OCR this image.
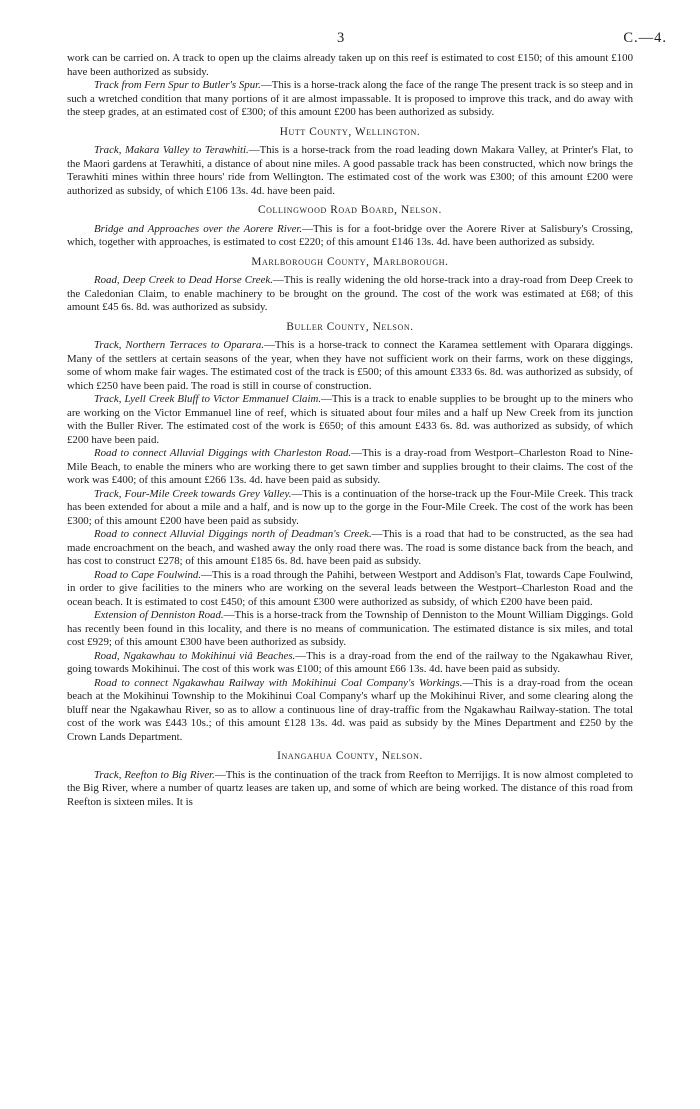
3	C.—4.

work can be carried on. A track to open up the claims already taken up on this reef is estimated to cost £150; of this amount £100 have been authorized as subsidy.

Track from Fern Spur to Butler's Spur.—This is a horse-track along the face of the range The present track is so steep and in such a wretched condition that many portions of it are almost impassable. It is proposed to improve this track, and do away with the steep grades, at an estimated cost of £300; of this amount £200 has been authorized as subsidy.

Hutt County, Wellington.

Track, Makara Valley to Terawhiti.—This is a horse-track from the road leading down Makara Valley, at Printer's Flat, to the Maori gardens at Terawhiti, a distance of about nine miles. A good passable track has been constructed, which now brings the Terawhiti mines within three hours' ride from Wellington. The estimated cost of the work was £300; of this amount £200 were authorized as subsidy, of which £106 13s. 4d. have been paid.

Collingwood Road Board, Nelson.

Bridge and Approaches over the Aorere River.—This is for a foot-bridge over the Aorere River at Salisbury's Crossing, which, together with approaches, is estimated to cost £220; of this amount £146 13s. 4d. have been authorized as subsidy.

Marlborough County, Marlborough.

Road, Deep Creek to Dead Horse Creek.—This is really widening the old horse-track into a dray-road from Deep Creek to the Caledonian Claim, to enable machinery to be brought on the ground. The cost of the work was estimated at £68; of this amount £45 6s. 8d. was authorized as subsidy.

Buller County, Nelson.

Track, Northern Terraces to Oparara.—This is a horse-track to connect the Karamea settlement with Oparara diggings. Many of the settlers at certain seasons of the year, when they have not sufficient work on their farms, work on these diggings, some of whom make fair wages. The estimated cost of the track is £500; of this amount £333 6s. 8d. was authorized as subsidy, of which £250 have been paid. The road is still in course of construction.

Track, Lyell Creek Bluff to Victor Emmanuel Claim.—This is a track to enable supplies to be brought up to the miners who are working on the Victor Emmanuel line of reef, which is situated about four miles and a half up New Creek from its junction with the Buller River. The estimated cost of the work is £650; of this amount £433 6s. 8d. was authorized as subsidy, of which £200 have been paid.

Road to connect Alluvial Diggings with Charleston Road.—This is a dray-road from Westport–Charleston Road to Nine-Mile Beach, to enable the miners who are working there to get sawn timber and supplies brought to their claims. The cost of the work was £400; of this amount £266 13s. 4d. have been paid as subsidy.

Track, Four-Mile Creek towards Grey Valley.—This is a continuation of the horse-track up the Four-Mile Creek. This track has been extended for about a mile and a half, and is now up to the gorge in the Four-Mile Creek. The cost of the work has been £300; of this amount £200 have been paid as subsidy.

Road to connect Alluvial Diggings north of Deadman's Creek.—This is a road that had to be constructed, as the sea had made encroachment on the beach, and washed away the only road there was. The road is some distance back from the beach, and has cost to construct £278; of this amount £185 6s. 8d. have been paid as subsidy.

Road to Cape Foulwind.—This is a road through the Pahihi, between Westport and Addison's Flat, towards Cape Foulwind, in order to give facilities to the miners who are working on the several leads between the Westport–Charleston Road and the ocean beach. It is estimated to cost £450; of this amount £300 were authorized as subsidy, of which £200 have been paid.

Extension of Denniston Road.—This is a horse-track from the Township of Denniston to the Mount William Diggings. Gold has recently been found in this locality, and there is no means of communication. The estimated distance is six miles, and total cost £929; of this amount £300 have been authorized as subsidy.

Road, Ngakawhau to Mokihinui viâ Beaches.—This is a dray-road from the end of the railway to the Ngakawhau River, going towards Mokihinui. The cost of this work was £100; of this amount £66 13s. 4d. have been paid as subsidy.

Road to connect Ngakawhau Railway with Mokihinui Coal Company's Workings.—This is a dray-road from the ocean beach at the Mokihinui Township to the Mokihinui Coal Company's wharf up the Mokihinui River, and some clearing along the bluff near the Ngakawhau River, so as to allow a continuous line of dray-traffic from the Ngakawhau Railway-station. The total cost of the work was £443 10s.; of this amount £128 13s. 4d. was paid as subsidy by the Mines Department and £250 by the Crown Lands Department.

Inangahua County, Nelson.

Track, Reefton to Big River.—This is the continuation of the track from Reefton to Merrijigs. It is now almost completed to the Big River, where a number of quartz leases are taken up, and some of which are being worked. The distance of this road from Reefton is sixteen miles. It is
